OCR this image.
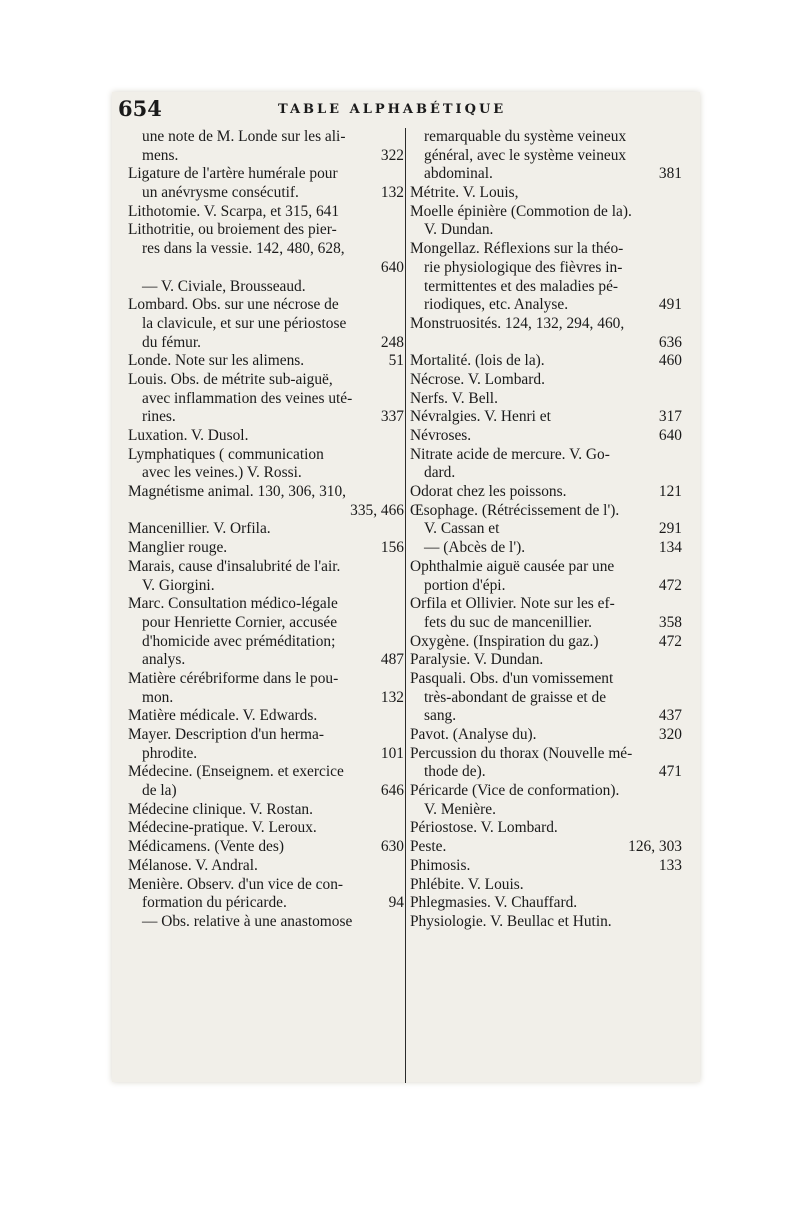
654	TABLE ALPHABÉTIQUE
une note de M. Londe sur les ali-
mens.	322
Ligature de l'artère humérale pour
un anévrysme consécutif.	132
Lithotomie. V. Scarpa, et 315, 641
Lithotritie, ou broiement des pier-
res dans la vessie. 142, 480, 628,
640
— V. Civiale, Brousseaud.
Lombard. Obs. sur une nécrose de
la clavicule, et sur une périostose
du fémur.	248
Londe. Note sur les alimens.	51
Louis. Obs. de métrite sub-aiguë,
avec inflammation des veines uté-
rines.	337
Luxation. V. Dusol.
Lymphatiques ( communication
avec les veines.) V. Rossi.
Magnétisme animal. 130, 306, 310,
335, 466
Mancenillier. V. Orfila.
Manglier rouge.	156
Marais, cause d'insalubrité de l'air.
V. Giorgini.
Marc. Consultation médico-légale
pour Henriette Cornier, accusée
d'homicide avec préméditation;
analys.	487
Matière cérébriforme dans le pou-
mon.	132
Matière médicale. V. Edwards.
Mayer. Description d'un herma-
phrodite.	101
Médecine. (Enseignem. et exercice
de la)	646
Médecine clinique. V. Rostan.
Médecine-pratique. V. Leroux.
Médicamens. (Vente des)	630
Mélanose. V. Andral.
Menière. Observ. d'un vice de con-
formation du péricarde.	94
— Obs. relative à une anastomose
remarquable du système veineux
général, avec le système veineux
abdominal.	381
Métrite. V. Louis,
Moelle épinière (Commotion de la).
V. Dundan.
Mongellaz. Réflexions sur la théo-
rie physiologique des fièvres in-
termittentes et des maladies pé-
riodiques, etc. Analyse.	491
Monstruosités. 124, 132, 294, 460,
636
Mortalité. (lois de la).	460
Nécrose. V. Lombard.
Nerfs. V. Bell.
Névralgies. V. Henri et	317
Névroses.	640
Nitrate acide de mercure. V. Go-
dard.
Odorat chez les poissons.	121
Œsophage. (Rétrécissement de l').
V. Cassan et	291
— (Abcès de l').	134
Ophthalmie aiguë causée par une
portion d'épi.	472
Orfila et Ollivier. Note sur les ef-
fets du suc de mancenillier.	358
Oxygène. (Inspiration du gaz.)	472
Paralysie. V. Dundan.
Pasquali. Obs. d'un vomissement
très-abondant de graisse et de
sang.	437
Pavot. (Analyse du).	320
Percussion du thorax (Nouvelle mé-
thode de).	471
Péricarde (Vice de conformation).
V. Menière.
Périostose. V. Lombard.
Peste.	126, 303
Phimosis.	133
Phlébite. V. Louis.
Phlegmasies. V. Chauffard.
Physiologie. V. Beullac et Hutin.
